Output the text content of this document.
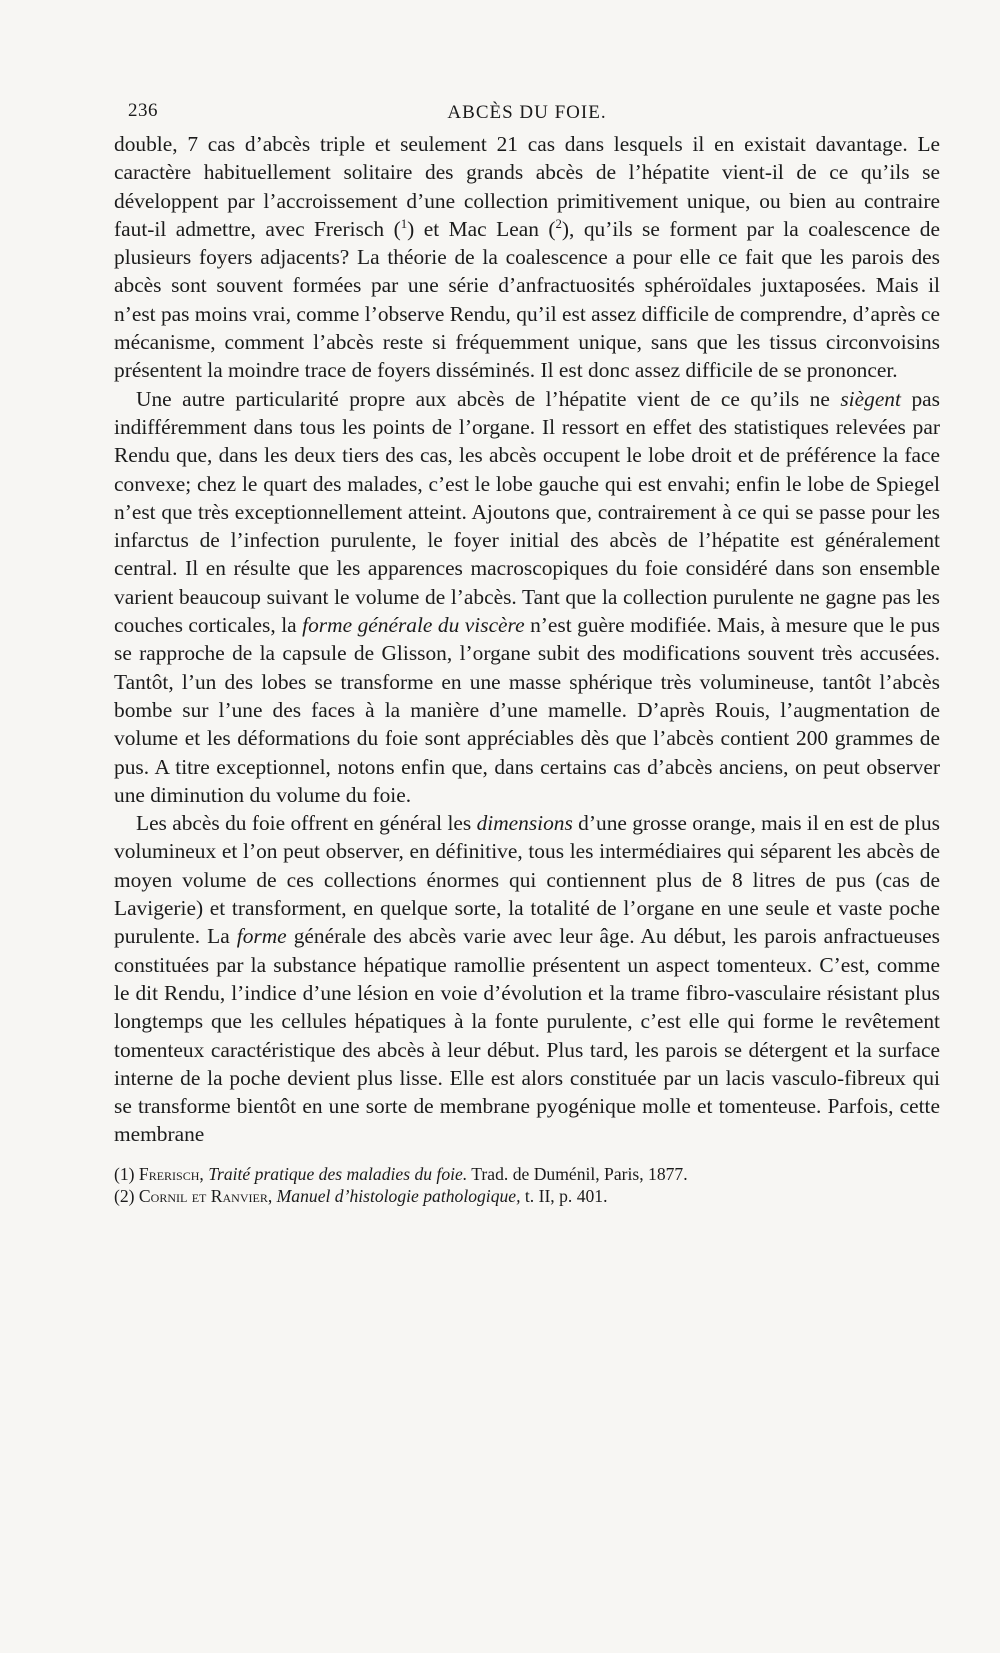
236	ABCÈS DU FOIE.

double, 7 cas d’abcès triple et seulement 21 cas dans lesquels il en existait davantage. Le caractère habituellement solitaire des grands abcès de l’hépatite vient-il de ce qu’ils se développent par l’accroissement d’une collection primitivement unique, ou bien au contraire faut-il admettre, avec Frerisch ($^1$) et Mac Lean ($^2$), qu’ils se forment par la coalescence de plusieurs foyers adjacents? La théorie de la coalescence a pour elle ce fait que les parois des abcès sont souvent formées par une série d’anfractuosités sphéroïdales juxtaposées. Mais il n’est pas moins vrai, comme l’observe Rendu, qu’il est assez difficile de comprendre, d’après ce mécanisme, comment l’abcès reste si fréquemment unique, sans que les tissus circonvoisins présentent la moindre trace de foyers disséminés. Il est donc assez difficile de se prononcer.

Une autre particularité propre aux abcès de l’hépatite vient de ce qu’ils ne siègent pas indifféremment dans tous les points de l’organe. Il ressort en effet des statistiques relevées par Rendu que, dans les deux tiers des cas, les abcès occupent le lobe droit et de préférence la face convexe; chez le quart des malades, c’est le lobe gauche qui est envahi; enfin le lobe de Spiegel n’est que très exceptionnellement atteint. Ajoutons que, contrairement à ce qui se passe pour les infarctus de l’infection purulente, le foyer initial des abcès de l’hépatite est généralement central. Il en résulte que les apparences macroscopiques du foie considéré dans son ensemble varient beaucoup suivant le volume de l’abcès. Tant que la collection purulente ne gagne pas les couches corticales, la forme générale du viscère n’est guère modifiée. Mais, à mesure que le pus se rapproche de la capsule de Glisson, l’organe subit des modifications souvent très accusées. Tantôt, l’un des lobes se transforme en une masse sphérique très volumineuse, tantôt l’abcès bombe sur l’une des faces à la manière d’une mamelle. D’après Rouis, l’augmentation de volume et les déformations du foie sont appréciables dès que l’abcès contient 200 grammes de pus. A titre exceptionnel, notons enfin que, dans certains cas d’abcès anciens, on peut observer une diminution du volume du foie.

Les abcès du foie offrent en général les dimensions d’une grosse orange, mais il en est de plus volumineux et l’on peut observer, en définitive, tous les intermédiaires qui séparent les abcès de moyen volume de ces collections énormes qui contiennent plus de 8 litres de pus (cas de Lavigerie) et transforment, en quelque sorte, la totalité de l’organe en une seule et vaste poche purulente. La forme générale des abcès varie avec leur âge. Au début, les parois anfractueuses constituées par la substance hépatique ramollie présentent un aspect tomenteux. C’est, comme le dit Rendu, l’indice d’une lésion en voie d’évolution et la trame fibro-vasculaire résistant plus longtemps que les cellules hépatiques à la fonte purulente, c’est elle qui forme le revêtement tomenteux caractéristique des abcès à leur début. Plus tard, les parois se détergent et la surface interne de la poche devient plus lisse. Elle est alors constituée par un lacis vasculo-fibreux qui se transforme bientôt en une sorte de membrane pyogénique molle et tomenteuse. Parfois, cette membrane

(1) Frerisch, Traité pratique des maladies du foie. Trad. de Duménil, Paris, 1877.

(2) Cornil et Ranvier, Manuel d’histologie pathologique, t. II, p. 401.
